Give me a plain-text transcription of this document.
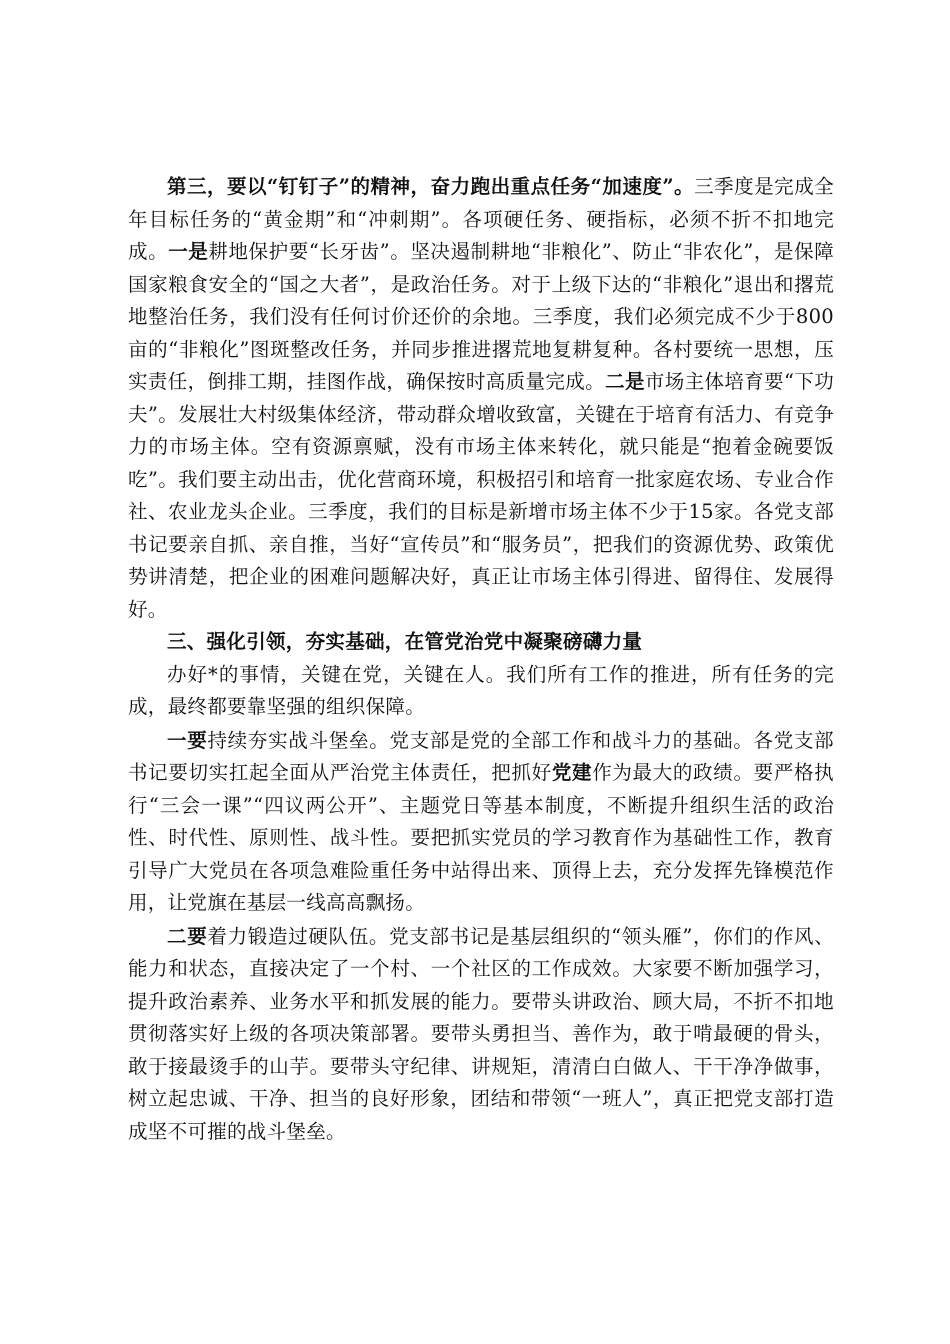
第三，要以“钉钉子”的精神，奋力跑出重点任务“加速度”。三季度是完成全年目标任务的“黄金期”和“冲刺期”。各项硬任务、硬指标，必须不折不扣地完成。一是耕地保护要“长牙齿”。坚决遏制耕地“非粮化”、防止“非农化”，是保障国家粮食安全的“国之大者”，是政治任务。对于上级下达的“非粮化”退出和撂荒地整治任务，我们没有任何讨价还价的余地。三季度，我们必须完成不少于800亩的“非粮化”图斑整改任务，并同步推进撂荒地复耕复种。各村要统一思想，压实责任，倒排工期，挂图作战，确保按时高质量完成。二是市场主体培育要“下功夫”。发展壮大村级集体经济，带动群众增收致富，关键在于培育有活力、有竞争力的市场主体。空有资源禀赋，没有市场主体来转化，就只能是“抱着金碗要饭吃”。我们要主动出击，优化营商环境，积极招引和培育一批家庭农场、专业合作社、农业龙头企业。三季度，我们的目标是新增市场主体不少于15家。各党支部书记要亲自抓、亲自推，当好“宣传员”和“服务员”，把我们的资源优势、政策优势讲清楚，把企业的困难问题解决好，真正让市场主体引得进、留得住、发展得好。

三、强化引领，夯实基础，在管党治党中凝聚磅礴力量

办好*的事情，关键在党，关键在人。我们所有工作的推进，所有任务的完成，最终都要靠坚强的组织保障。

一要持续夯实战斗堡垒。党支部是党的全部工作和战斗力的基础。各党支部书记要切实扛起全面从严治党主体责任，把抓好党建作为最大的政绩。要严格执行“三会一课”“四议两公开”、主题党日等基本制度，不断提升组织生活的政治性、时代性、原则性、战斗性。要把抓实党员的学习教育作为基础性工作，教育引导广大党员在各项急难险重任务中站得出来、顶得上去，充分发挥先锋模范作用，让党旗在基层一线高高飘扬。

二要着力锻造过硬队伍。党支部书记是基层组织的“领头雁”，你们的作风、能力和状态，直接决定了一个村、一个社区的工作成效。大家要不断加强学习，提升政治素养、业务水平和抓发展的能力。要带头讲政治、顾大局，不折不扣地贯彻落实好上级的各项决策部署。要带头勇担当、善作为，敢于啃最硬的骨头，敢于接最烫手的山芋。要带头守纪律、讲规矩，清清白白做人、干干净净做事，树立起忠诚、干净、担当的良好形象，团结和带领“一班人”，真正把党支部打造成坚不可摧的战斗堡垒。
